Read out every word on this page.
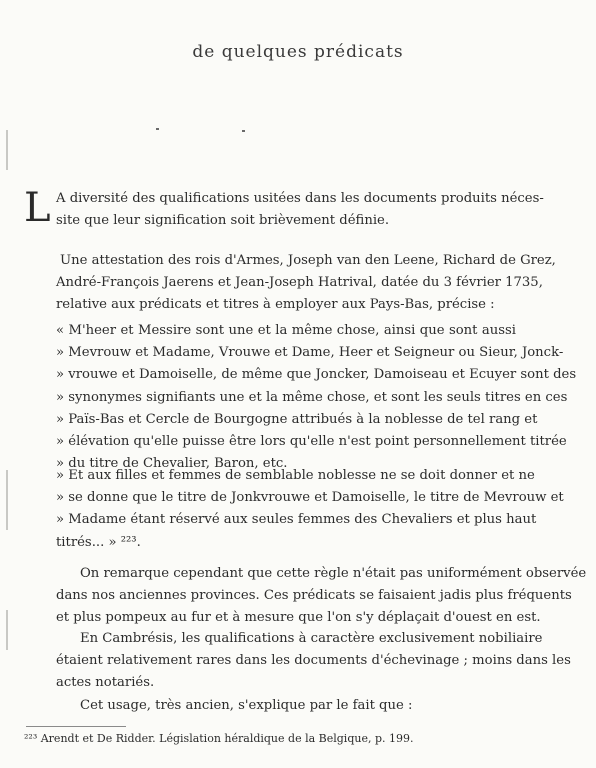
de quelques prédicats
L A diversité des qualifications usitées dans les documents produits néces-
site que leur signification soit brièvement définie.
Une attestation des rois d'Armes, Joseph van den Leene, Richard de Grez,
André-François Jaerens et Jean-Joseph Hatrival, datée du 3 février 1735,
relative aux prédicats et titres à employer aux Pays-Bas, précise :
« M'heer et Messire sont une et la même chose, ainsi que sont aussi
» Mevrouw et Madame, Vrouwe et Dame, Heer et Seigneur ou Sieur, Jonck-
» vrouwe et Damoiselle, de même que Joncker, Damoiseau et Ecuyer sont des
» synonymes signifiants une et la même chose, et sont les seuls titres en ces
» Païs-Bas et Cercle de Bourgogne attribués à la noblesse de tel rang et
» élévation qu'elle puisse être lors qu'elle n'est point personnellement titrée
» du titre de Chevalier, Baron, etc.
» Et aux filles et femmes de semblable noblesse ne se doit donner et ne
» se donne que le titre de Jonkvrouwe et Damoiselle, le titre de Mevrouw et
» Madame étant réservé aux seules femmes des Chevaliers et plus haut
titrés... » ²²³.
On remarque cependant que cette règle n'était pas uniformément observée
dans nos anciennes provinces. Ces prédicats se faisaient jadis plus fréquents
et plus pompeux au fur et à mesure que l'on s'y déplaçait d'ouest en est.
En Cambrésis, les qualifications à caractère exclusivement nobiliaire
étaient relativement rares dans les documents d'échevinage ; moins dans les
actes notariés.
Cet usage, très ancien, s'explique par le fait que :
²²³ Arendt et De Ridder. Législation héraldique de la Belgique, p. 199.
